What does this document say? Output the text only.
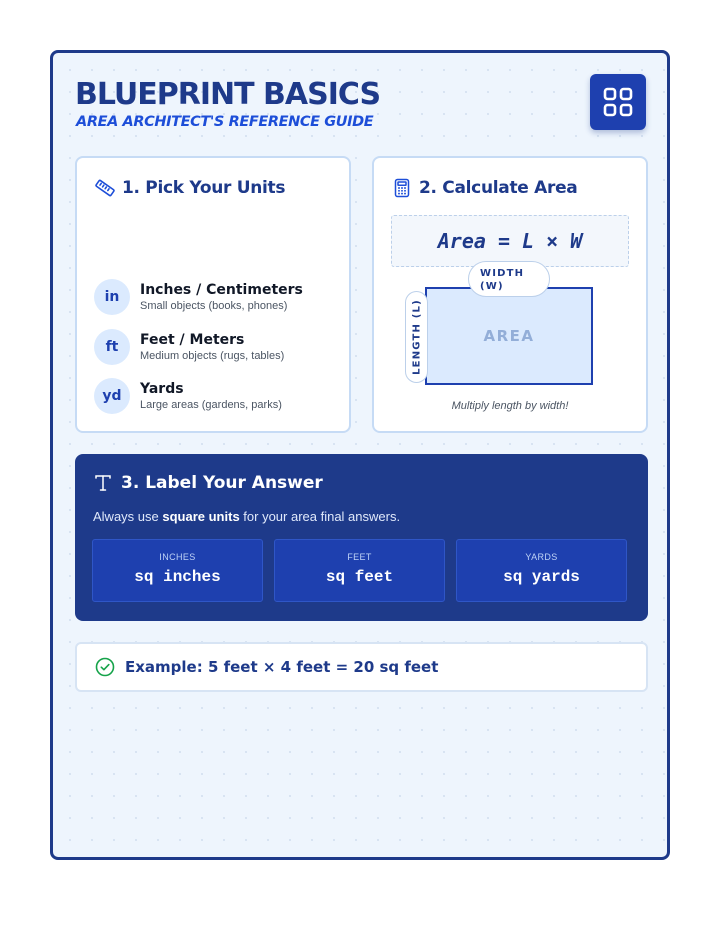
BLUEPRINT BASICS

AREA ARCHITECT'S REFERENCE GUIDE

1. Pick Your Units
in	Inches / Centimeters
Small objects (books, phones)
ft	Feet / Meters
Medium objects (rugs, tables)
yd	Yards
Large areas (gardens, parks)
2. Calculate Area
Area = L × W
AREA
WIDTH (W)
LENGTH (L)
Multiply length by width!
3. Label Your Answer
Always use square units for your area final answers.
INCHES
sq inches
FEET
sq feet
YARDS
sq yards
Example: 5 feet × 4 feet = 20 sq feet
